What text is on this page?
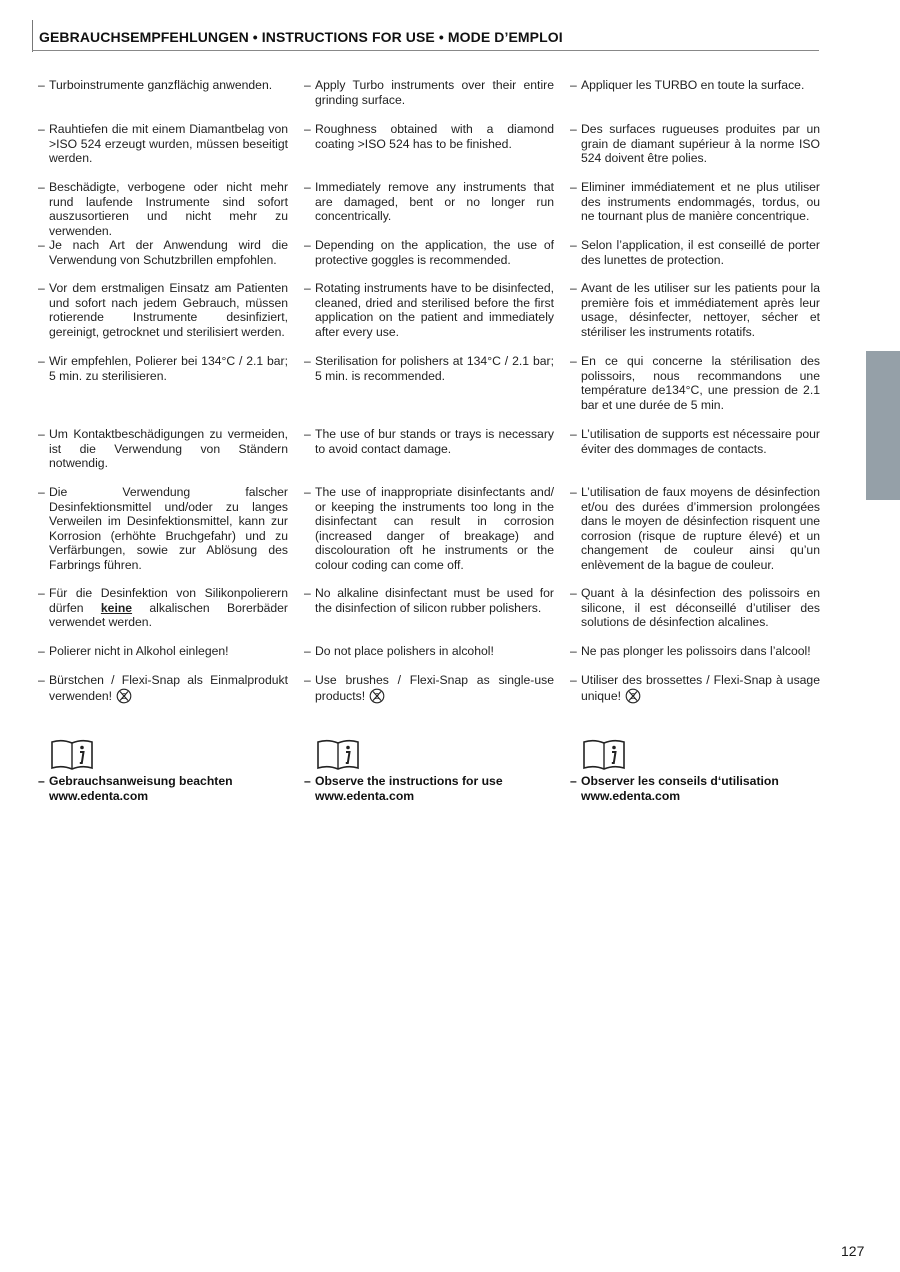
GEBRAUCHSEMPFEHLUNGEN • INSTRUCTIONS FOR USE • MODE D’EMPLOI
– Turboinstrumente ganzflächig anwenden.
– Rauhtiefen die mit einem Diamantbelag von >ISO 524 erzeugt wurden, müssen beseitigt werden.
– Beschädigte, verbogene oder nicht mehr rund laufende Instrumente sind sofort auszusortieren und nicht mehr zu verwenden.
– Je nach Art der Anwendung wird die Verwendung von Schutzbrillen empfohlen.
– Vor dem erstmaligen Einsatz am Patienten und sofort nach jedem Gebrauch, müssen rotierende Instrumente desinfiziert, gereinigt, getrocknet und sterilisiert werden.
– Wir empfehlen, Polierer bei 134°C / 2.1 bar; 5 min. zu sterilisieren.
– Um Kontaktbeschädigungen zu vermeiden, ist die Verwendung von Ständern notwendig.
– Die Verwendung falscher Desinfektionsmittel und/oder zu langes Verweilen im Desinfektionsmittel, kann zur Korrosion (erhöhte Bruchgefahr) und zu Verfärbungen, sowie zur Ablösung des Farbrings führen.
– Für die Desinfektion von Silikonpolierern dürfen keine alkalischen Borerbäder verwendet werden.
– Polierer nicht in Alkohol einlegen!
– Bürstchen / Flexi-Snap als Einmalprodukt verwenden! 2
– Gebrauchsanweisung beachten
www.edenta.com
– Apply Turbo instruments over their entire grinding surface.
– Roughness obtained with a diamond coating >ISO 524 has to be finished.
– Immediately remove any instruments that are damaged, bent or no longer run concentrically.
– Depending on the application, the use of protective goggles is recommended.
– Rotating instruments have to be disinfected, cleaned, dried and sterilised before the first application on the patient and immediately after every use.
– Sterilisation for polishers at 134°C / 2.1 bar; 5 min. is recommended.
– The use of bur stands or trays is necessary to avoid contact damage.
– The use of inappropriate disinfectants and/ or keeping the instruments too long in the disinfectant can result in corrosion (increased danger of breakage) and discolouration oft he instruments or the colour coding can come off.
– No alkaline disinfectant must be used for the disinfection of silicon rubber polishers.
– Do not place polishers in alcohol!
– Use brushes / Flexi-Snap as single-use products! 2
– Observe the instructions for use
www.edenta.com
– Appliquer les TURBO en toute la surface.
– Des surfaces rugueuses produites par un grain de diamant supérieur à la norme ISO 524 doivent être polies.
– Eliminer immédiatement et ne plus utiliser des instruments endommagés, tordus, ou ne tournant plus de manière concentrique.
– Selon l’application, il est conseillé de porter des lunettes de protection.
– Avant de les utiliser sur les patients pour la première fois et immédiatement après leur usage, désinfecter, nettoyer, sécher et stériliser les instruments rotatifs.
– En ce qui concerne la stérilisation des polissoirs, nous recommandons une température de134°C, une pression de 2.1 bar et une durée de 5 min.
– L’utilisation de supports est nécessaire pour éviter des dommages de contacts.
– L’utilisation de faux moyens de désinfection et/ou des durées d’immersion prolongées dans le moyen de désinfection risquent une corrosion (risque de rupture élevé) et un changement de couleur ainsi qu’un enlèvement de la bague de couleur.
– Quant à la désinfection des polissoirs en silicone, il est déconseillé d’utiliser des solutions de désinfection alcalines.
– Ne pas plonger les polissoirs dans l’alcool!
– Utiliser des brossettes / Flexi-Snap à usage unique! 2
– Observer les conseils d‘utilisation
www.edenta.com
127
